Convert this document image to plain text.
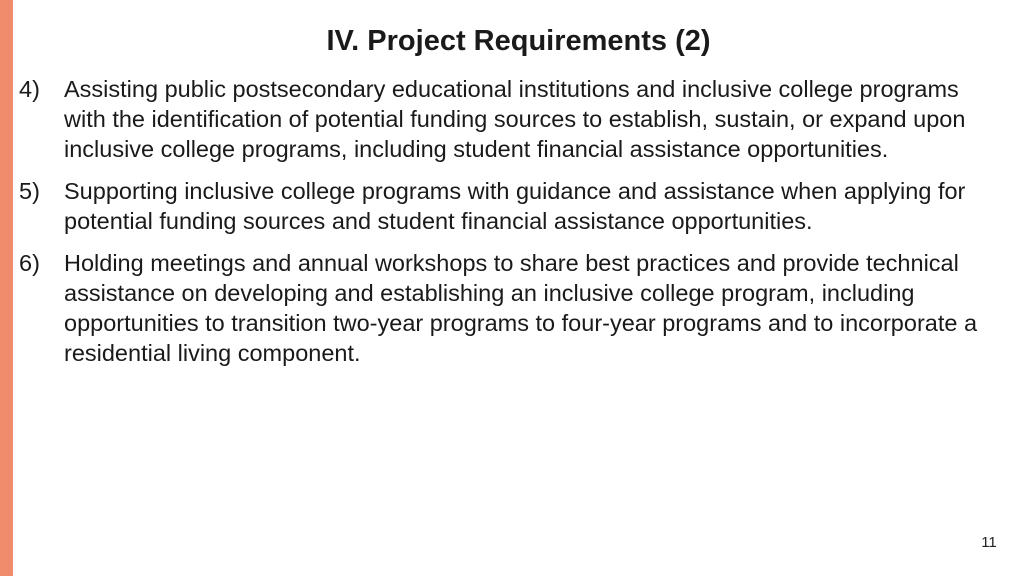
IV. Project Requirements (2)
4)	Assisting public postsecondary educational institutions and inclusive college programs with the identification of potential funding sources to establish, sustain, or expand upon inclusive college programs, including student financial assistance opportunities.
5)	Supporting inclusive college programs with guidance and assistance when applying for potential funding sources and student financial assistance opportunities.
6)	Holding meetings and annual workshops to share best practices and provide technical assistance on developing and establishing an inclusive college program, including opportunities to transition two-year programs to four-year programs and to incorporate a residential living component.
11
